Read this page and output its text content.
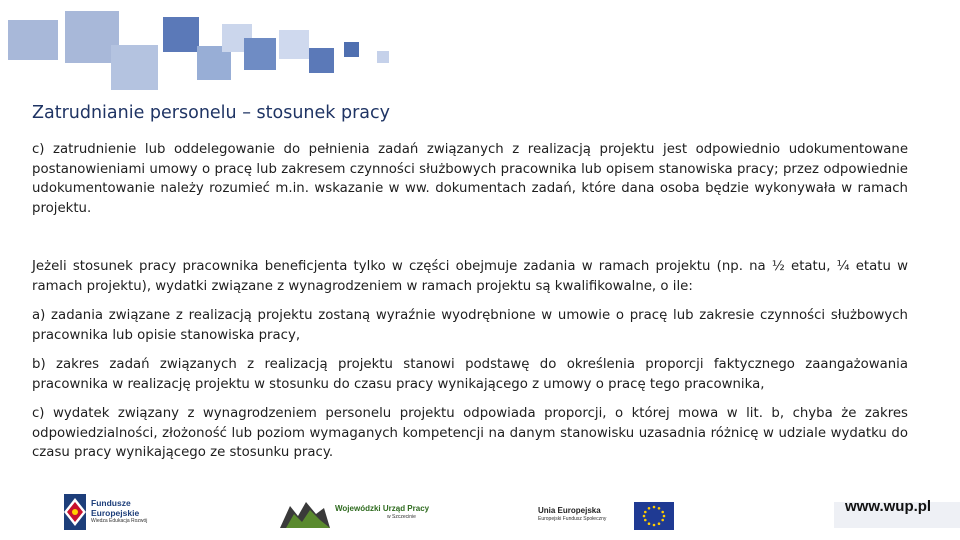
Zatrudnianie personelu – stosunek pracy

c) zatrudnienie lub oddelegowanie do pełnienia zadań związanych z realizacją projektu jest odpowiednio udokumentowane postanowieniami umowy o pracę lub zakresem czynności służbowych pracownika lub opisem stanowiska pracy; przez odpowiednie udokumentowanie należy rozumieć m.in. wskazanie w ww. dokumentach zadań, które dana osoba będzie wykonywała w ramach projektu.

Jeżeli stosunek pracy pracownika beneficjenta tylko w części obejmuje zadania w ramach projektu (np. na ½ etatu, ¼ etatu w ramach projektu), wydatki związane z wynagrodzeniem w ramach projektu są kwalifikowalne, o ile:

a) zadania związane z realizacją projektu zostaną wyraźnie wyodrębnione w umowie o pracę lub zakresie czynności służbowych pracownika lub opisie stanowiska pracy,

b) zakres zadań związanych z realizacją projektu stanowi podstawę do określenia proporcji faktycznego zaangażowania pracownika w realizację projektu w stosunku do czasu pracy wynikającego z umowy o pracę tego pracownika,

c) wydatek związany z wynagrodzeniem personelu projektu odpowiada proporcji, o której mowa w lit. b, chyba że zakres odpowiedzialności, złożoność lub poziom wymaganych kompetencji na danym stanowisku uzasadnia różnicę w udziale wydatku do czasu pracy wynikającego ze stosunku pracy.

Fundusze
Europejskie
Wiedza Edukacja Rozwój
Wojewódzki Urząd Pracy
w Szczecinie
Unia Europejska
Europejski Fundusz Społeczny
www.wup.pl
